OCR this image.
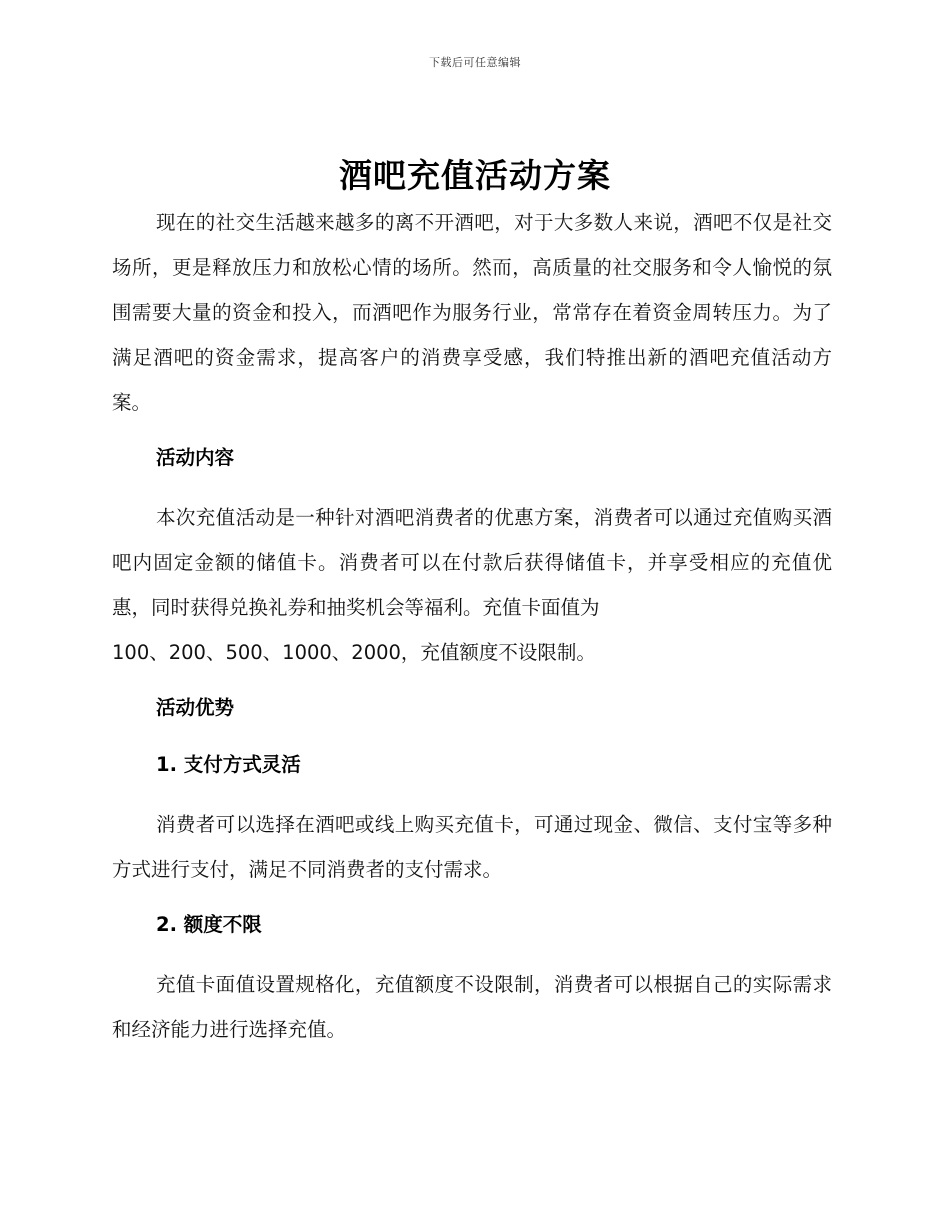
下载后可任意编辑
酒吧充值活动方案

现在的社交生活越来越多的离不开酒吧，对于大多数人来说，酒吧不仅是社交场所，更是释放压力和放松心情的场所。然而，高质量的社交服务和令人愉悦的氛围需要大量的资金和投入，而酒吧作为服务行业，常常存在着资金周转压力。为了满足酒吧的资金需求，提高客户的消费享受感，我们特推出新的酒吧充值活动方案。

活动内容

本次充值活动是一种针对酒吧消费者的优惠方案，消费者可以通过充值购买酒吧内固定金额的储值卡。消费者可以在付款后获得储值卡，并享受相应的充值优惠，同时获得兑换礼券和抽奖机会等福利。充值卡面值为
100、200、500、1000、2000，充值额度不设限制。

活动优势
1. 支付方式灵活

消费者可以选择在酒吧或线上购买充值卡，可通过现金、微信、支付宝等多种方式进行支付，满足不同消费者的支付需求。

2. 额度不限

充值卡面值设置规格化，充值额度不设限制，消费者可以根据自己的实际需求和经济能力进行选择充值。
